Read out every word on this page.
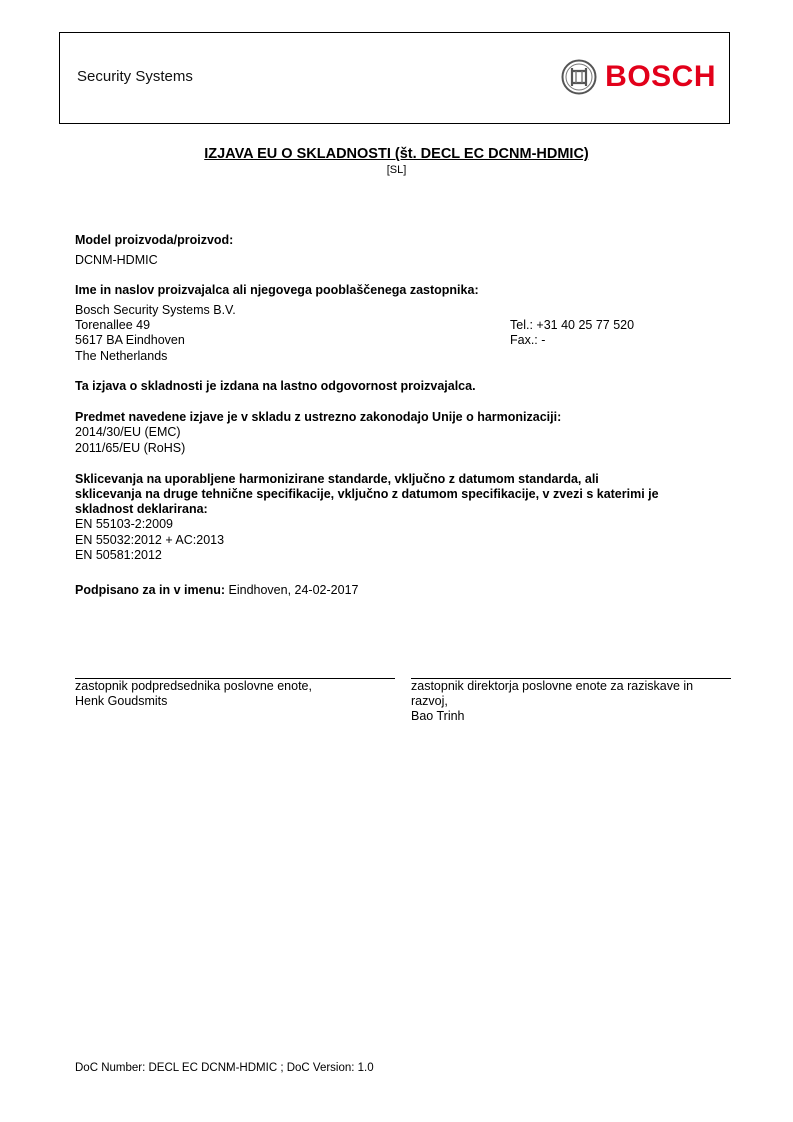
Security Systems	BOSCH
IZJAVA EU O SKLADNOSTI (št. DECL EC DCNM-HDMIC)
[SL]
Model proizvoda/proizvod:
DCNM-HDMIC
Ime in naslov proizvajalca ali njegovega pooblaščenega zastopnika:
Bosch Security Systems B.V.
Torenallee 49
5617 BA Eindhoven
The Netherlands
Tel.: +31 40 25 77 520
Fax.: -
Ta izjava o skladnosti je izdana na lastno odgovornost proizvajalca.
Predmet navedene izjave je v skladu z ustrezno zakonodajo Unije o harmonizaciji:
2014/30/EU (EMC)
2011/65/EU (RoHS)
Sklicevanja na uporabljene harmonizirane standarde, vključno z datumom standarda, ali
sklicevanja na druge tehnične specifikacije, vključno z datumom specifikacije, v zvezi s katerimi je
skladnost deklarirana:
EN 55103-2:2009
EN 55032:2012 + AC:2013
EN 50581:2012
Podpisano za in v imenu: Eindhoven, 24-02-2017
zastopnik podpredsednika poslovne enote,
Henk Goudsmits
zastopnik direktorja poslovne enote za raziskave in
razvoj,
Bao Trinh
DoC Number: DECL EC DCNM-HDMIC ; DoC Version: 1.0
